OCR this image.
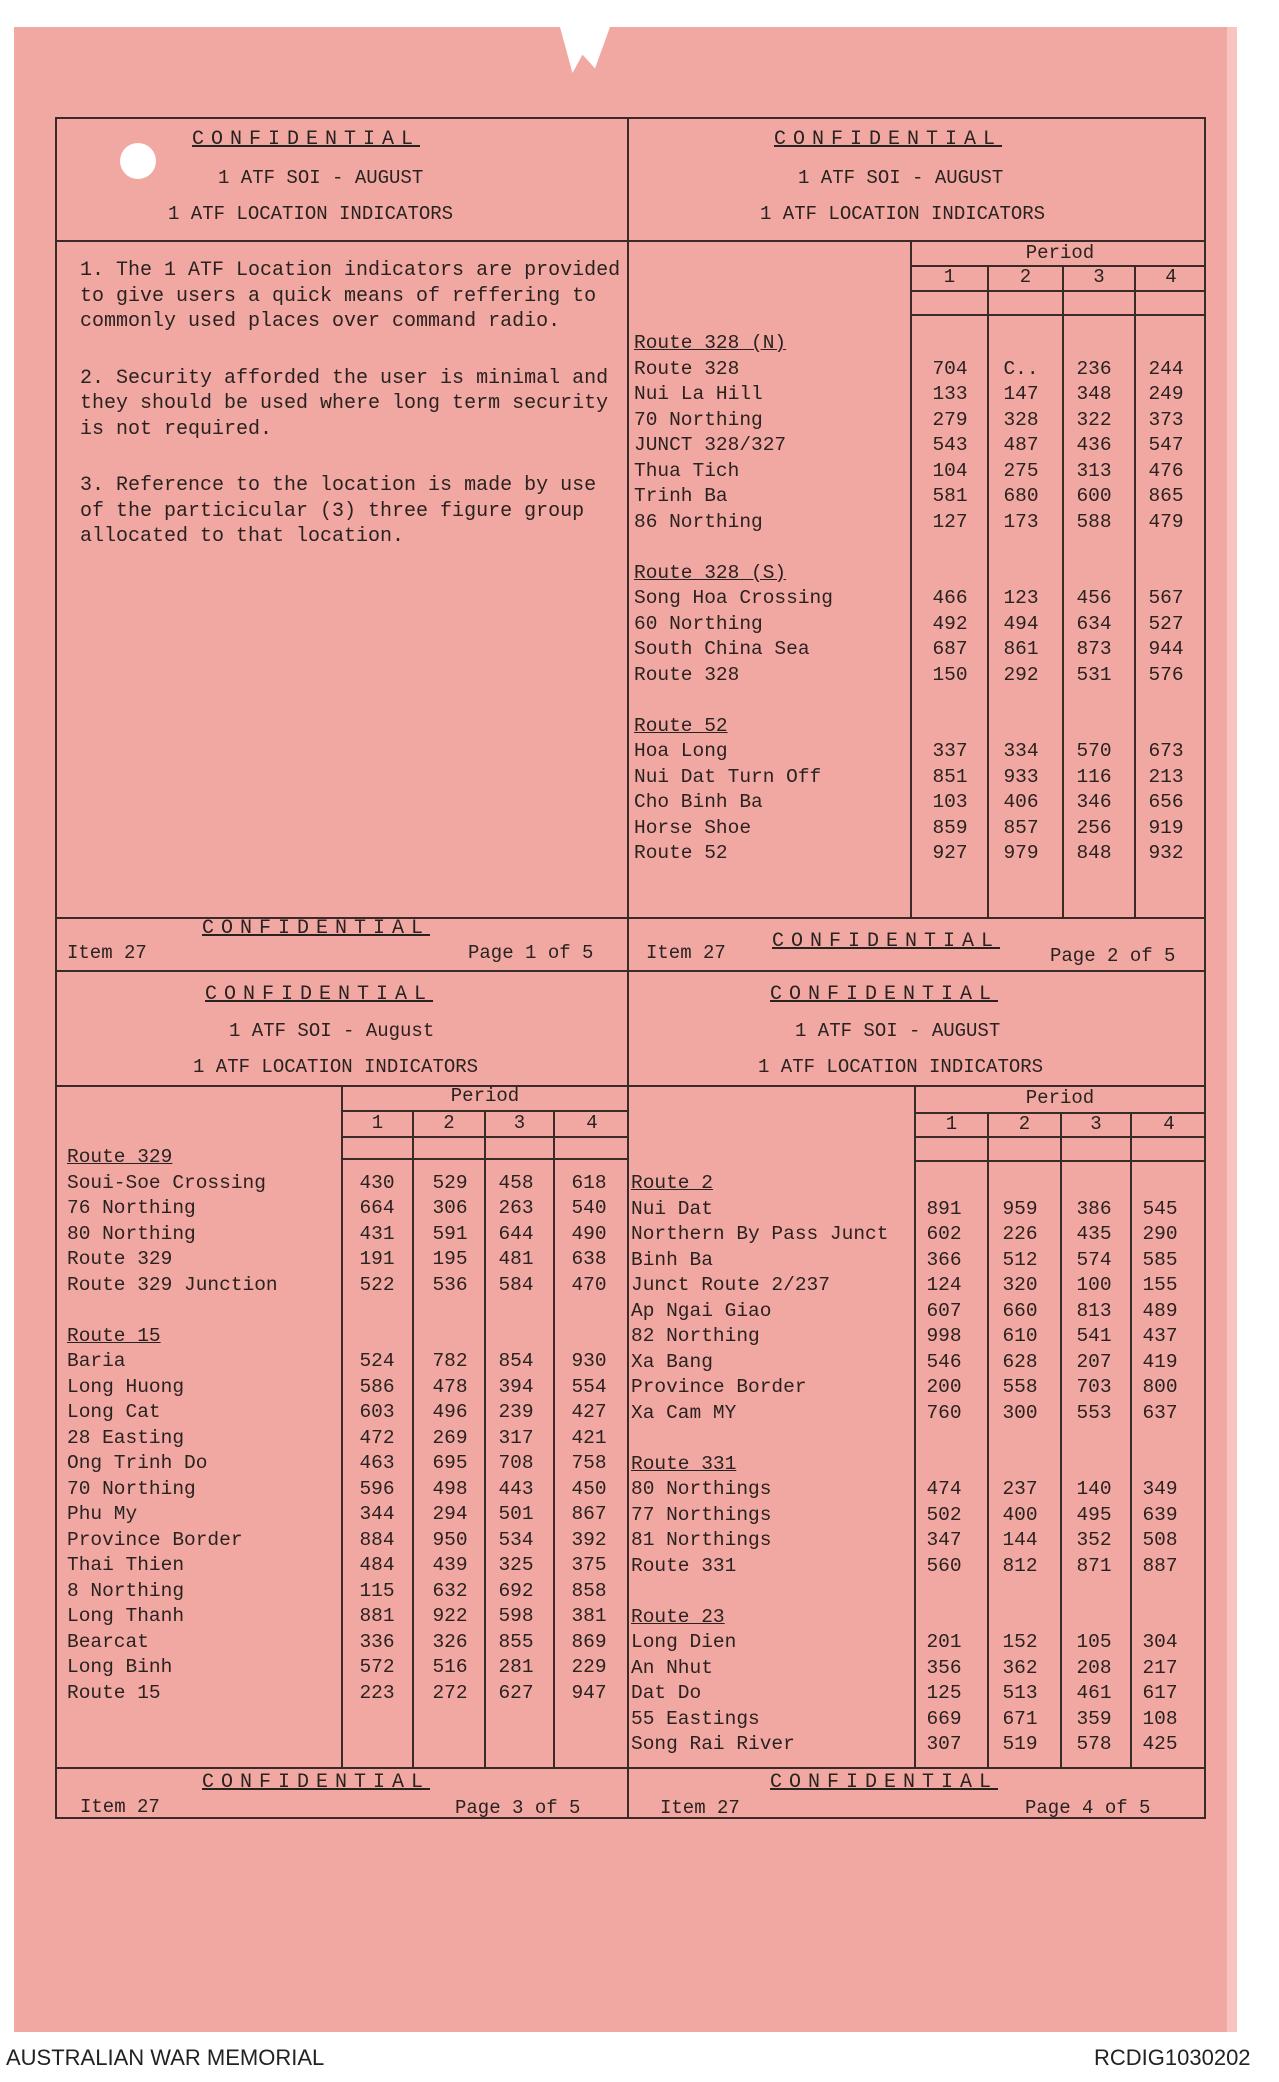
CONFIDENTIAL
1 ATF SOI - AUGUST
1 ATF LOCATION INDICATORS

1. The 1 ATF Location indicators are provided to give users a quick means of reffering to commonly used places over command radio.

2. Security afforded the user is minimal and they should be used where long term security is not required.

3. Reference to the location is made by use of the particicular (3) three figure group allocated to that location.

CONFIDENTIAL
Item 27	Page 1 of 5
CONFIDENTIAL
1 ATF SOI - AUGUST
1 ATF LOCATION INDICATORS
Period
1	2	3	4
Route 328 (N)
Route 328	704	C..	236	244
Nui La Hill	133	147	348	249
70 Northing	279	328	322	373
JUNCT 328/327	543	487	436	547
Thua Tich	104	275	313	476
Trinh Ba	581	680	600	865
86 Northing	127	173	588	479
Route 328 (S)
Song Hoa Crossing	466	123	456	567
60 Northing	492	494	634	527
South China Sea	687	861	873	944
Route 328	150	292	531	576
Route 52
Hoa Long	337	334	570	673
Nui Dat Turn Off	851	933	116	213
Cho Binh Ba	103	406	346	656
Horse Shoe	859	857	256	919
Route 52	927	979	848	932
CONFIDENTIAL
Item 27	Page 2 of 5
CONFIDENTIAL
1 ATF SOI - August
1 ATF LOCATION INDICATORS
Period
1	2	3	4
Route 329
Soui-Soe Crossing	430	529	458	618
76 Northing	664	306	263	540
80 Northing	431	591	644	490
Route 329	191	195	481	638
Route 329 Junction	522	536	584	470
Route 15
Baria	524	782	854	930
Long Huong	586	478	394	554
Long Cat	603	496	239	427
28 Easting	472	269	317	421
Ong Trinh Do	463	695	708	758
70 Northing	596	498	443	450
Phu My	344	294	501	867
Province Border	884	950	534	392
Thai Thien	484	439	325	375
8 Northing	115	632	692	858
Long Thanh	881	922	598	381
Bearcat	336	326	855	869
Long Binh	572	516	281	229
Route 15	223	272	627	947
CONFIDENTIAL
Item 27	Page 3 of 5
CONFIDENTIAL
1 ATF SOI - AUGUST
1 ATF LOCATION INDICATORS
Period
1	2	3	4
Route 2
Nui Dat	891	959	386	545
Northern By Pass Junct	602	226	435	290
Binh Ba	366	512	574	585
Junct Route 2/237	124	320	100	155
Ap Ngai Giao	607	660	813	489
82 Northing	998	610	541	437
Xa Bang	546	628	207	419
Province Border	200	558	703	800
Xa Cam MY	760	300	553	637
Route 331
80 Northings	474	237	140	349
77 Northings	502	400	495	639
81 Northings	347	144	352	508
Route 331	560	812	871	887
Route 23
Long Dien	201	152	105	304
An Nhut	356	362	208	217
Dat Do	125	513	461	617
55 Eastings	669	671	359	108
Song Rai River	307	519	578	425
CONFIDENTIAL
Item 27	Page 4 of 5
AUSTRALIAN WAR MEMORIAL	RCDIG1030202
